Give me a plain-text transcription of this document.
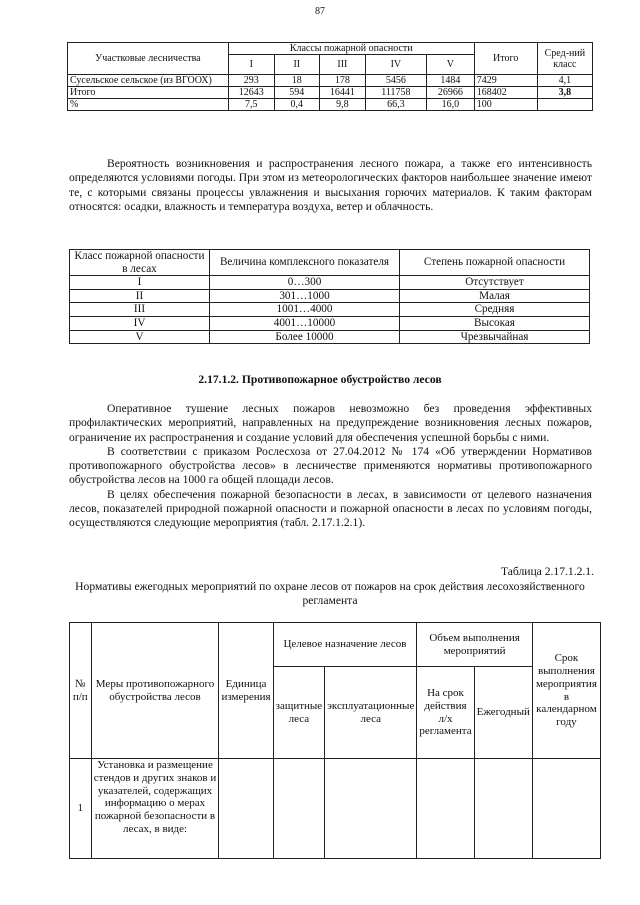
87
Участковые лесничества	Классы пожарной опасности					Итого	Сред-ний класс
	I	II	III	IV	V		
Сусельское сельское (из ВГООХ)	293	18	178	5456	1484	7429	4,1
Итого	12643	594	16441	111758	26966	168402	3,8
%	7,5	0,4	9,8	66,3	16,0	100	

Вероятность возникновения и распространения лесного пожара, а также его интенсивность определяются условиями погоды. При этом из метеорологических факторов наибольшее значение имеют те, с которыми связаны процессы увлажнения и высыхания горючих материалов. К таким факторам относятся: осадки, влажность и температура воздуха, ветер и облачность.

Класс пожарной опасности в лесах	Величина комплексного показателя	Степень пожарной опасности
I	0…300	Отсутствует
II	301…1000	Малая
III	1001…4000	Средняя
IV	4001…10000	Высокая
V	Более 10000	Чрезвычайная
2.17.1.2. Противопожарное обустройство лесов

Оперативное тушение лесных пожаров невозможно без проведения эффективных профилактических мероприятий, направленных на предупреждение возникновения лесных пожаров, ограничение их распространения и создание условий для обеспечения успешной борьбы с ними.

В соответствии с приказом Рослесхоза от 27.04.2012 № 174 «Об утверждении Нормативов противопожарного обустройства лесов» в лесничестве применяются нормативы противопожарного обустройства лесов на 1000 га общей площади лесов.

В целях обеспечения пожарной безопасности в лесах, в зависимости от целевого назначения лесов, показателей природной пожарной опасности и пожарной опасности в лесах по условиям погоды, осуществляются следующие мероприятия (табл. 2.17.1.2.1).

Таблица 2.17.1.2.1.
Нормативы ежегодных мероприятий по охране лесов от пожаров на срок действия лесохозяйственного регламента
№ п/п	Меры противопожарного обустройства лесов	Единица измерения	Целевое назначение лесов		Объем выполнения мероприятий		Срок выполнения мероприятия в календарном году
			защитные леса	эксплуатационные леса	На срок действия л/х регламента	Ежегодный	

1	Установка и размещение стендов и других знаков и указателей, содержащих информацию о мерах пожарной безопасности в лесах, в виде:						
